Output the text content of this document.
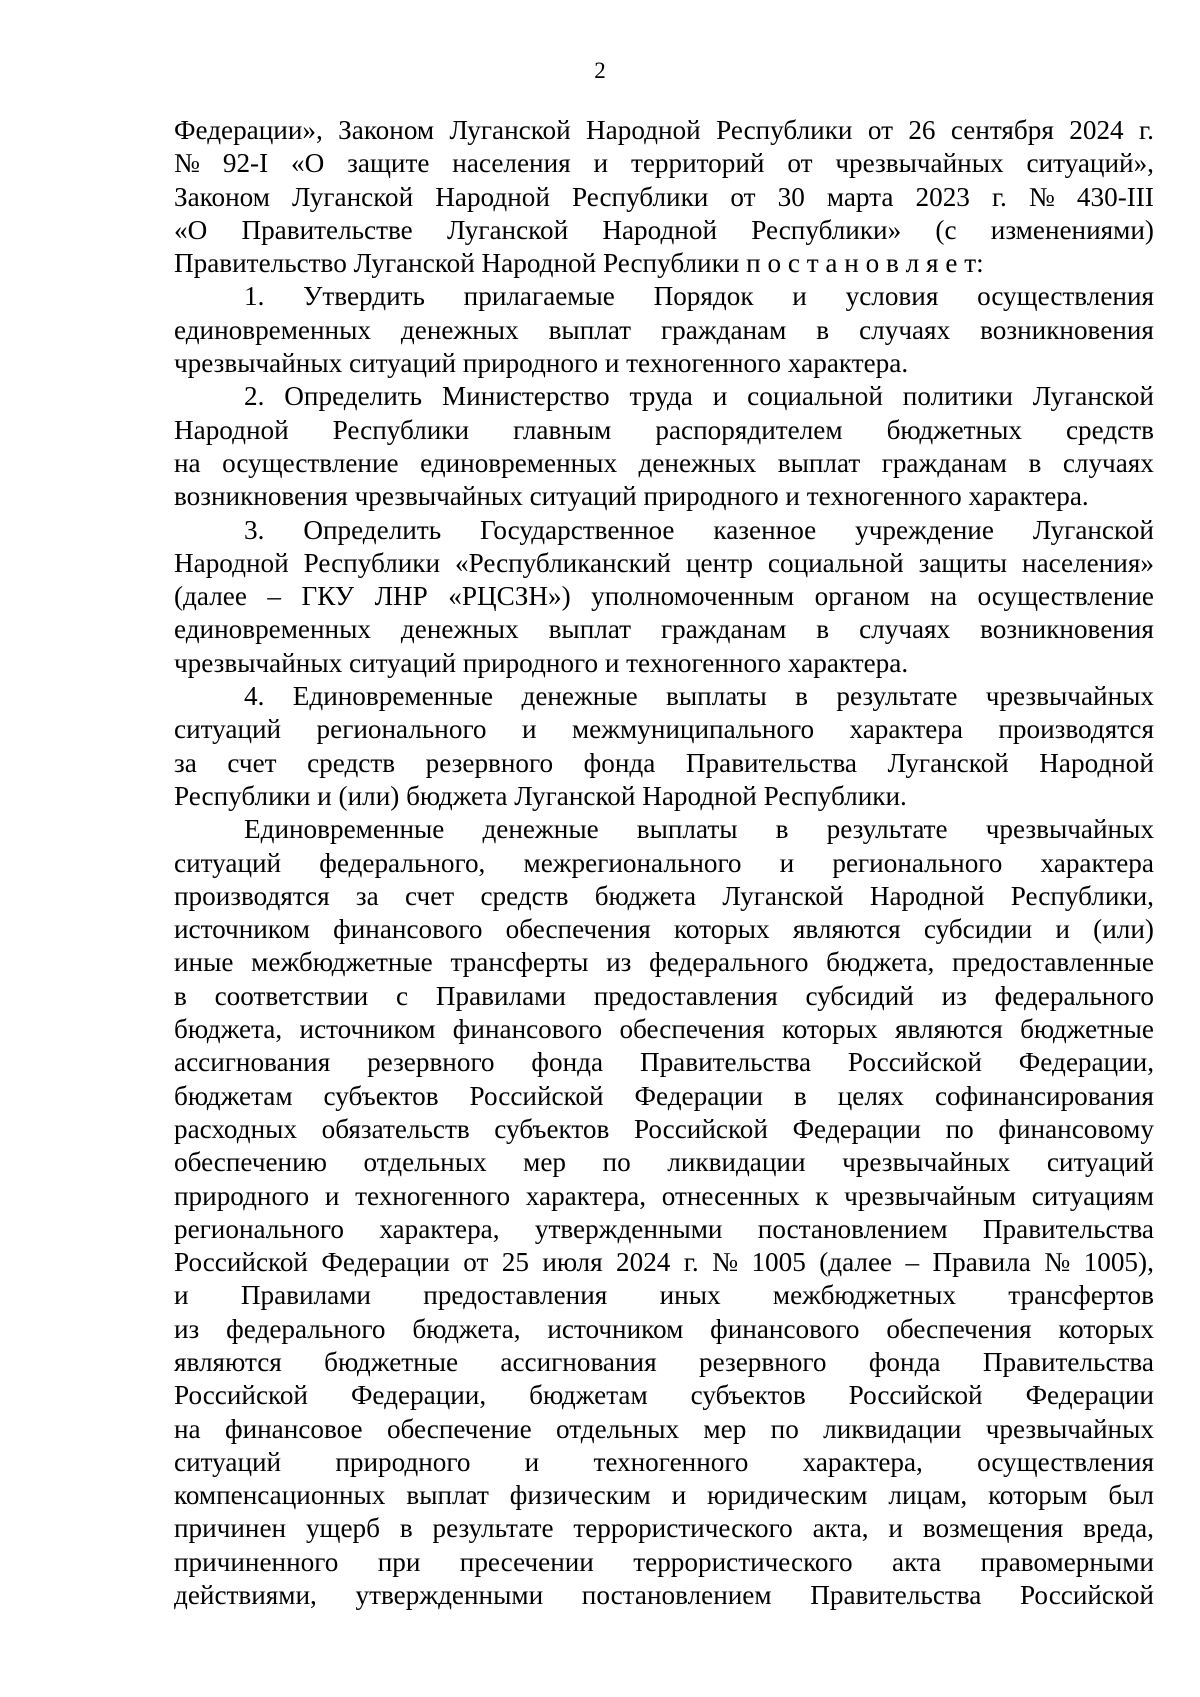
2
Федерации», Законом Луганской Народной Республики от 26 сентября 2024 г.
№ 92-I «О защите населения и территорий от чрезвычайных ситуаций»,
Законом Луганской Народной Республики от 30 марта 2023 г. № 430-III
«О Правительстве Луганской Народной Республики» (с изменениями)
Правительство Луганской Народной Республики п о с т а н о в л я е т:
1. Утвердить прилагаемые Порядок и условия осуществления
единовременных денежных выплат гражданам в случаях возникновения
чрезвычайных ситуаций природного и техногенного характера.
2. Определить Министерство труда и социальной политики Луганской
Народной Республики главным распорядителем бюджетных средств
на осуществление единовременных денежных выплат гражданам в случаях
возникновения чрезвычайных ситуаций природного и техногенного характера.
3. Определить Государственное казенное учреждение Луганской
Народной Республики «Республиканский центр социальной защиты населения»
(далее – ГКУ ЛНР «РЦСЗН») уполномоченным органом на осуществление
единовременных денежных выплат гражданам в случаях возникновения
чрезвычайных ситуаций природного и техногенного характера.
4. Единовременные денежные выплаты в результате чрезвычайных
ситуаций регионального и межмуниципального характера производятся
за счет средств резервного фонда Правительства Луганской Народной
Республики и (или) бюджета Луганской Народной Республики.
Единовременные денежные выплаты в результате чрезвычайных
ситуаций федерального, межрегионального и регионального характера
производятся за счет средств бюджета Луганской Народной Республики,
источником финансового обеспечения которых являются субсидии и (или)
иные межбюджетные трансферты из федерального бюджета, предоставленные
в соответствии с Правилами предоставления субсидий из федерального
бюджета, источником финансового обеспечения которых являются бюджетные
ассигнования резервного фонда Правительства Российской Федерации,
бюджетам субъектов Российской Федерации в целях софинансирования
расходных обязательств субъектов Российской Федерации по финансовому
обеспечению отдельных мер по ликвидации чрезвычайных ситуаций
природного и техногенного характера, отнесенных к чрезвычайным ситуациям
регионального характера, утвержденными постановлением Правительства
Российской Федерации от 25 июля 2024 г. № 1005 (далее – Правила № 1005),
и Правилами предоставления иных межбюджетных трансфертов
из федерального бюджета, источником финансового обеспечения которых
являются бюджетные ассигнования резервного фонда Правительства
Российской Федерации, бюджетам субъектов Российской Федерации
на финансовое обеспечение отдельных мер по ликвидации чрезвычайных
ситуаций природного и техногенного характера, осуществления
компенсационных выплат физическим и юридическим лицам, которым был
причинен ущерб в результате террористического акта, и возмещения вреда,
причиненного при пресечении террористического акта правомерными
действиями, утвержденными постановлением Правительства Российской
